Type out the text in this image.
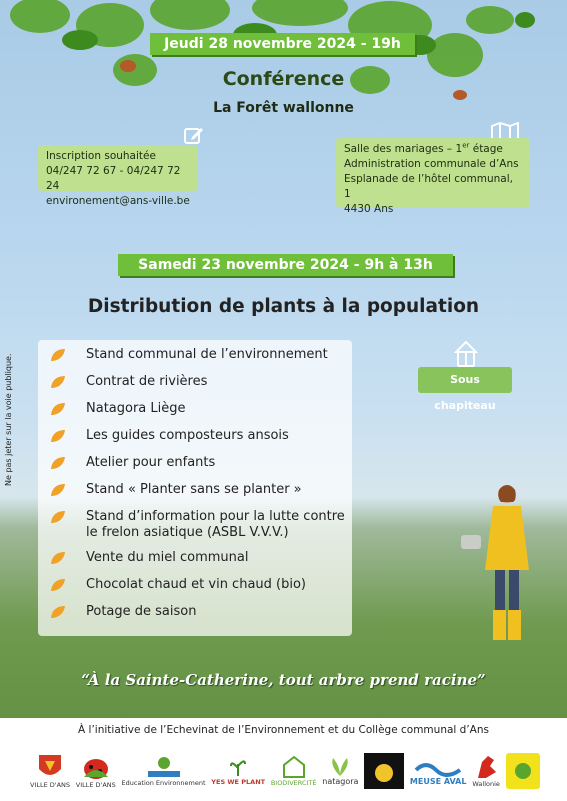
Jeudi 28 novembre 2024 - 19h
Conférence
La Forêt wallonne
Inscription souhaitée
04/247 72 67 - 04/247 72 24
environement@ans-ville.be
Salle des mariages – 1er étage
Administration communale d’Ans
Esplanade de l’hôtel communal, 1
4430 Ans
Samedi 23 novembre 2024 - 9h à 13h
Distribution de plants à la population
Ne pas jeter sur la voie publique.	Stand communal de l’environnement
Contrat de rivières
Natagora Liège
Les guides composteurs ansois
Atelier pour enfants
Stand « Planter sans se planter »
Stand d’information pour la lutte contre le frelon asiatique (ASBL V.V.V.)
Vente du miel communal
Chocolat chaud et vin chaud (bio)
Potage de saison
Sous chapiteau
“À la Sainte-Catherine, tout arbre prend racine”
À l’initiative de l’Echevinat de l’Environnement et du Collège communal d’Ans
VILLE D'ANS VILLE D'ANS Education Environnement YES WE PLANT BIODIVERCITÉ natagora	MEUSE AVAL Wallonie
